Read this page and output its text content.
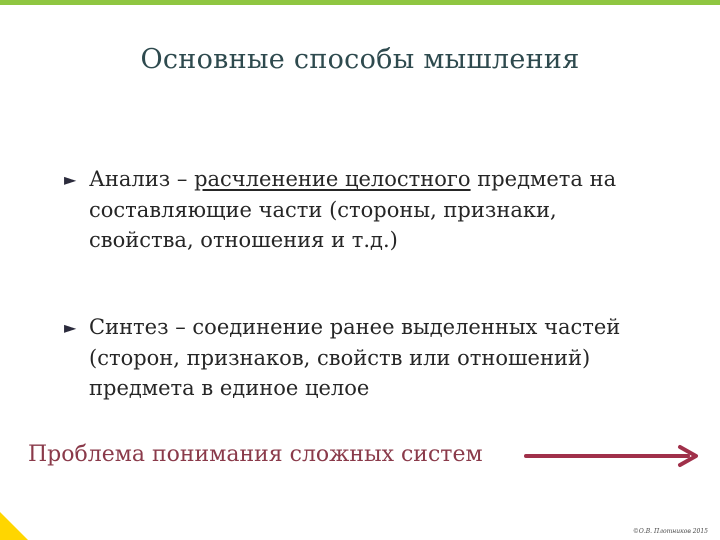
Основные способы мышления
► Анализ – расчленение целостного предмета на
составляющие части (стороны, признаки,
свойства, отношения и т.д.)
► Синтез – соединение ранее выделенных частей
(сторон, признаков, свойств или отношений)
предмета в единое целое
Проблема понимания сложных систем
©О.В. Плотников 2015
